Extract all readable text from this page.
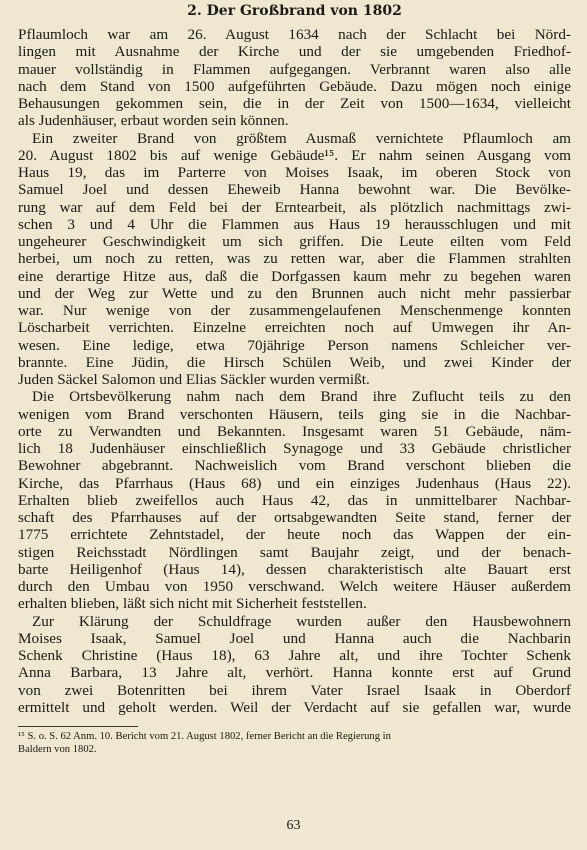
2. Der Großbrand von 1802
Pflaumloch war am 26. August 1634 nach der Schlacht bei Nörd-
lingen mit Ausnahme der Kirche und der sie umgebenden Friedhof-
mauer vollständig in Flammen aufgegangen. Verbrannt waren also alle
nach dem Stand von 1500 aufgeführten Gebäude. Dazu mögen noch einige
Behausungen gekommen sein, die in der Zeit von 1500—1634, vielleicht
als Judenhäuser, erbaut worden sein können.
Ein zweiter Brand von größtem Ausmaß vernichtete Pflaumloch am
20. August 1802 bis auf wenige Gebäude¹⁵. Er nahm seinen Ausgang vom
Haus 19, das im Parterre von Moises Isaak, im oberen Stock von
Samuel Joel und dessen Eheweib Hanna bewohnt war. Die Bevölke-
rung war auf dem Feld bei der Erntearbeit, als plötzlich nachmittags zwi-
schen 3 und 4 Uhr die Flammen aus Haus 19 herausschlugen und mit
ungeheurer Geschwindigkeit um sich griffen. Die Leute eilten vom Feld
herbei, um noch zu retten, was zu retten war, aber die Flammen strahlten
eine derartige Hitze aus, daß die Dorfgassen kaum mehr zu begehen waren
und der Weg zur Wette und zu den Brunnen auch nicht mehr passierbar
war. Nur wenige von der zusammengelaufenen Menschenmenge konnten
Löscharbeit verrichten. Einzelne erreichten noch auf Umwegen ihr An-
wesen. Eine ledige, etwa 70jährige Person namens Schleicher ver-
brannte. Eine Jüdin, die Hirsch Schülen Weib, und zwei Kinder der
Juden Säckel Salomon und Elias Säckler wurden vermißt.
Die Ortsbevölkerung nahm nach dem Brand ihre Zuflucht teils zu den
wenigen vom Brand verschonten Häusern, teils ging sie in die Nachbar-
orte zu Verwandten und Bekannten. Insgesamt waren 51 Gebäude, näm-
lich 18 Judenhäuser einschließlich Synagoge und 33 Gebäude christlicher
Bewohner abgebrannt. Nachweislich vom Brand verschont blieben die
Kirche, das Pfarrhaus (Haus 68) und ein einziges Judenhaus (Haus 22).
Erhalten blieb zweifellos auch Haus 42, das in unmittelbarer Nachbar-
schaft des Pfarrhauses auf der ortsabgewandten Seite stand, ferner der
1775 errichtete Zehntstadel, der heute noch das Wappen der ein-
stigen Reichsstadt Nördlingen samt Baujahr zeigt, und der benach-
barte Heiligenhof (Haus 14), dessen charakteristisch alte Bauart erst
durch den Umbau von 1950 verschwand. Welch weitere Häuser außerdem
erhalten blieben, läßt sich nicht mit Sicherheit feststellen.
Zur Klärung der Schuldfrage wurden außer den Hausbewohnern
Moises Isaak, Samuel Joel und Hanna auch die Nachbarin
Schenk Christine (Haus 18), 63 Jahre alt, und ihre Tochter Schenk
Anna Barbara, 13 Jahre alt, verhört. Hanna konnte erst auf Grund
von zwei Botenritten bei ihrem Vater Israel Isaak in Oberdorf
ermittelt und geholt werden. Weil der Verdacht auf sie gefallen war, wurde
¹⁵ S. o. S. 62 Anm. 10. Bericht vom 21. August 1802, ferner Bericht an die Regierung in
Baldern von 1802.
63
